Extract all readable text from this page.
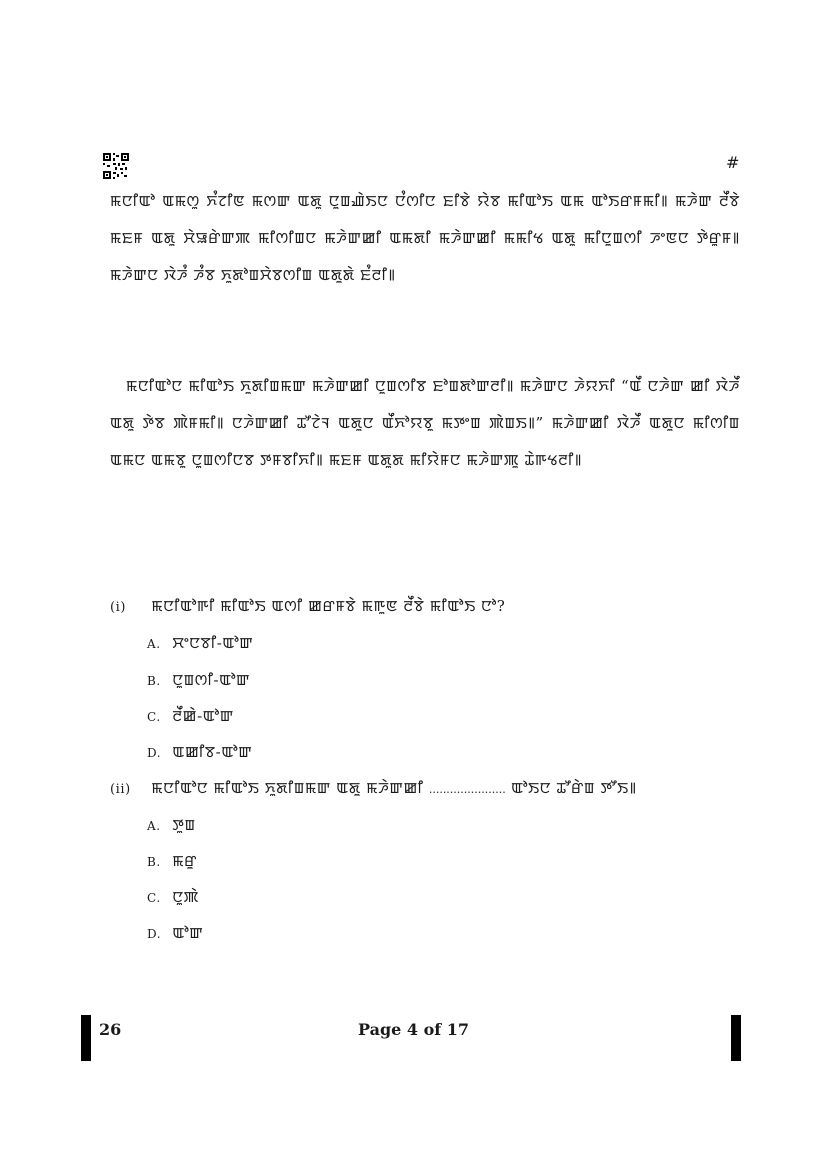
#

ꯃꯅꯤꯑꯣ ꯑꯃꯁꯨ ꯈꯪꯖꯤꯟ ꯃꯁꯛ ꯑꯗꯨ ꯅꯨꯡꯉꯥꯏꯅ ꯅꯪꯁꯤꯅ ꯐꯤꯕꯥ ꯌꯥꯕ ꯃꯤꯑꯣꯏ ꯑꯃ ꯑꯣꯏꯔꯝꯃꯤ꯫ ꯃꯍꯥꯛ ꯂꯩꯕꯥ ꯃꯐꯝ ꯑꯗꯨ ꯆꯥꯎꯔꯥꯛꯄ ꯃꯤꯁꯤꯡꯅ ꯃꯍꯥꯛꯀꯤ ꯑꯃꯗꯤ ꯃꯍꯥꯛꯀꯤ ꯃꯃꯤꯠ ꯑꯗꯨ ꯃꯤꯅꯨꯡꯁꯤ ꯍꯦꯟꯅ ꯇꯥꯔꯨꯝ꯫ ꯃꯍꯥꯛꯅ ꯋꯥꯍꯪ ꯍꯪꯕ ꯈꯨꯗꯣꯡꯆꯥꯕꯁꯤꯡ ꯑꯗꯨꯗꯥ ꯐꯪꯂꯤ꯫

ꯃꯅꯤꯑꯣꯅ ꯃꯤꯑꯣꯏ ꯈꯨꯗꯤꯡꯃꯛ ꯃꯍꯥꯛꯀꯤ ꯅꯨꯡꯁꯤꯕ ꯐꯣꯡꯗꯣꯛꯂꯤ꯫ ꯃꯍꯥꯛꯅ ꯍꯥꯌꯈꯤ “ꯑꯩ ꯅꯍꯥꯛ ꯀꯤ ꯋꯥꯍꯩ ꯑꯗꯨ ꯇꯥꯕ ꯄꯥꯝꯃꯤ꯫ ꯅꯍꯥꯛꯀꯤ ꯊꯧꯖꯥꯜ ꯑꯗꯨꯅ ꯑꯩꯈꯣꯌꯕꯨ ꯃꯇꯦꯡ ꯄꯥꯡꯏ꯫” ꯃꯍꯥꯛꯀꯤ ꯋꯥꯍꯩ ꯑꯗꯨꯅ ꯃꯤꯁꯤꯡ ꯑꯃꯅ ꯑꯃꯕꯨ ꯅꯨꯡꯁꯤꯅꯕ ꯇꯝꯕꯤꯈꯤ꯫ ꯃꯐꯝ ꯑꯗꯨꯗ ꯃꯤꯌꯥꯝꯅ ꯃꯍꯥꯛꯄꯨ ꯊꯥꯒꯠꯂꯤ꯫

(i) ꯃꯅꯤꯑꯣꯒꯤ ꯃꯤꯑꯣꯏ ꯑꯁꯤ ꯀꯔꯝꯕꯥ ꯃꯒꯨꯟ ꯂꯩꯕꯥ ꯃꯤꯑꯣꯏ ꯅꯣ?
A. ꯆꯦꯅꯕꯤ-ꯑꯣꯛ
B. ꯅꯨꯡꯁꯤ-ꯑꯣꯛ
C. ꯂꯩꯀꯥ-ꯑꯣꯛ
D. ꯑꯀꯤꯕ-ꯑꯣꯛ
(ii) ꯃꯅꯤꯑꯣꯅ ꯃꯤꯑꯣꯏ ꯈꯨꯗꯤꯡꯃꯛ ꯑꯗꯨ ꯃꯍꯥꯛꯀꯤ ...................... ꯑꯣꯏꯅ ꯊꯧꯔꯥꯡ ꯇꯧꯏ꯫
A. ꯇꯨꯡ
B. ꯃꯔꯨ
C. ꯅꯨꯄꯥ
D. ꯑꯣꯛ
26	Page 4 of 17
